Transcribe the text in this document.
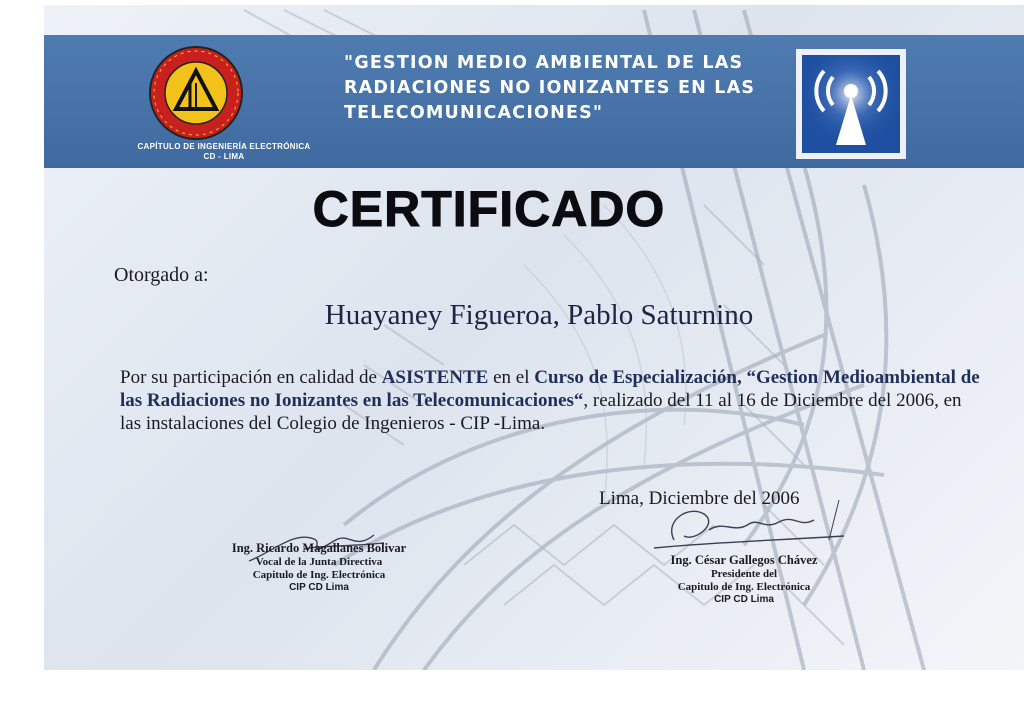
CAPÍTULO DE INGENIERÍA ELECTRÓNICA
CD - LIMA
"GESTION MEDIO AMBIENTAL DE LAS RADIACIONES NO IONIZANTES EN LAS TELECOMUNICACIONES"
CERTIFICADO
Otorgado a:
Huayaney Figueroa, Pablo Saturnino
Por su participación en calidad de ASISTENTE en el Curso de Especialización, “Gestion Medioambiental de las Radiaciones no Ionizantes en las Telecomunicaciones“, realizado del 11 al 16 de Diciembre del 2006, en las instalaciones del Colegio de Ingenieros - CIP -Lima.
Lima, Diciembre del 2006
Ing. Ricardo Magallanes Bolivar
Vocal de la Junta Directiva
Capitulo de Ing. Electrónica
CIP CD Lima
Ing. César Gallegos Chávez
Presidente del
Capitulo de Ing. Electrónica
CIP CD Lima
